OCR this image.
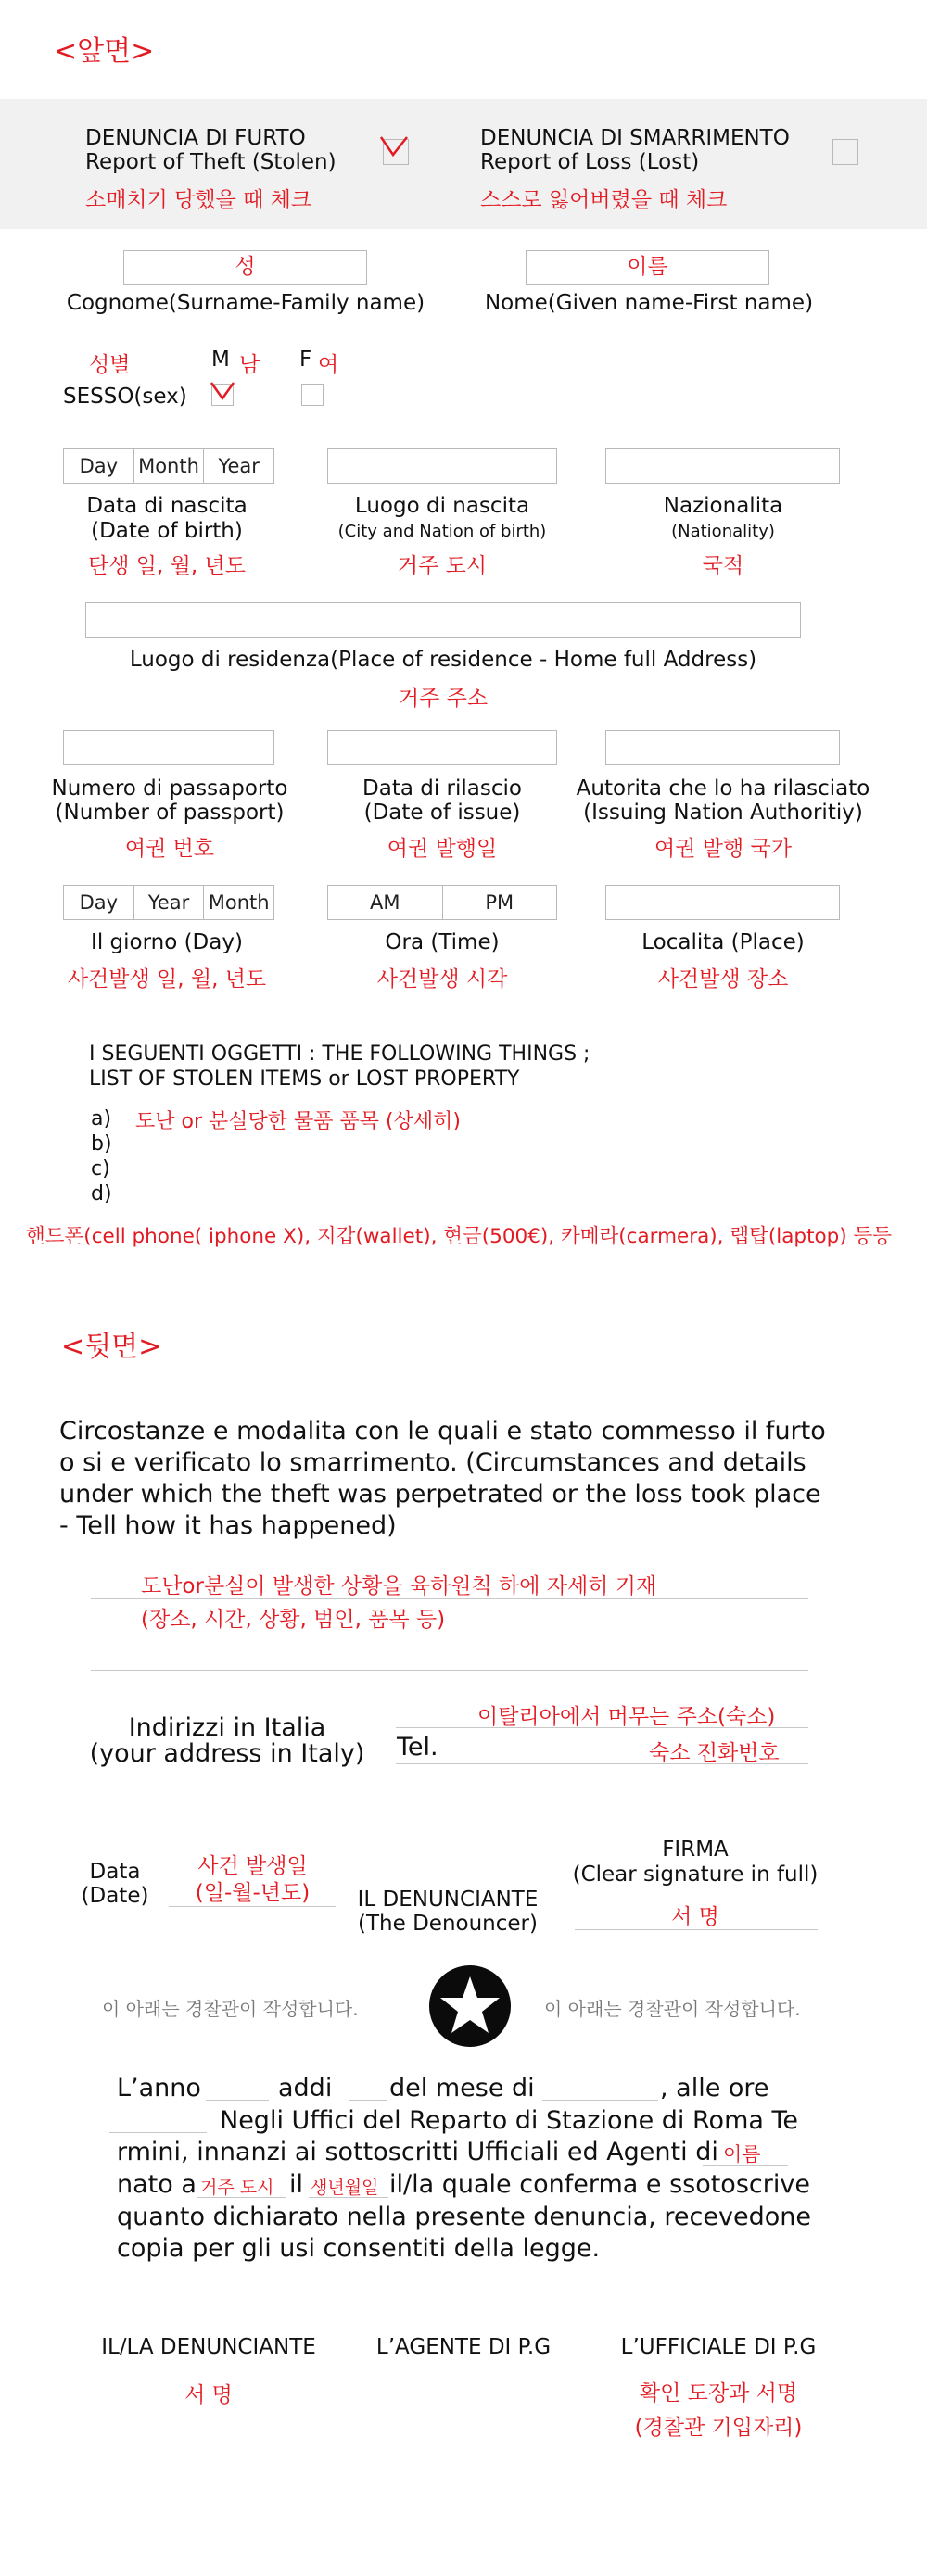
<앞면>
DENUNCIA DI FURTO
Report of Theft (Stolen)
소매치기 당했을 때 체크
DENUNCIA DI SMARRIMENTO
Report of Loss (Lost)
스스로 잃어버렸을 때 체크
성
Cognome(Surname-Family name)
이름
Nome(Given name-First name)
성별	M 남 F 여
SESSO(sex)
Day	Month Year
Data di nascita
(Date of birth)
탄생 일, 월, 년도
Luogo di nascita
(City and Nation of birth)
거주 도시
Nazionalita
(Nationality)
국적
Luogo di residenza(Place of residence - Home full Address)
거주 주소
Numero di passaporto
(Number of passport)
여권 번호
Data di rilascio
(Date of issue)
여권 발행일
Autorita che lo ha rilasciato
(Issuing Nation Authoritiy)
여권 발행 국가
Day	Year Month
Il giorno (Day)
사건발생 일, 월, 년도
AM	PM
Ora (Time)
사건발생 시각
Localita (Place)
사건발생 장소
I SEGUENTI OGGETTI : THE FOLLOWING THINGS ;
LIST OF STOLEN ITEMS or LOST PROPERTY
a) 도난 or 분실당한 물품 품목 (상세히)
b)
c)
d)
핸드폰(cell phone( iphone X), 지갑(wallet), 현금(500€), 카메라(carmera), 랩탑(laptop) 등등
<뒷면>
Circostanze e modalita con le quali e stato commesso il furto
o si e verificato lo smarrimento. (Circumstances and details
under which the theft was perpetrated or the loss took place
- Tell how it has happened)
도난or분실이 발생한 상황을 육하원칙 하에 자세히 기재
(장소, 시간, 상황, 범인, 품목 등)
Indirizzi in Italia
(your address in Italy)
이탈리아에서 머무는 주소(숙소)
Tel.	숙소 전화번호
Data
(Date)
사건 발생일
(일-월-년도)	IL DENUNCIANTE
(The Denouncer)
FIRMA
(Clear signature in full)
서 명
이 아래는 경찰관이 작성합니다.	이 아래는 경찰관이 작성합니다.
L’anno	addi del mese di	, alle ore
Negli Uffici del Reparto di Stazione di Roma Te
rmini, innanzi ai sottoscritti Ufficiali ed Agenti di 이름
nato a 거주 도시 il 생년월일 il/la quale conferma e ssotoscrive
quanto dichiarato nella presente denuncia, recevedone
copia per gli usi consentiti della legge.
IL/LA DENUNCIANTE
서 명
L’AGENTE DI P.G	L’UFFICIALE DI P.G
확인 도장과 서명
(경찰관 기입자리)
